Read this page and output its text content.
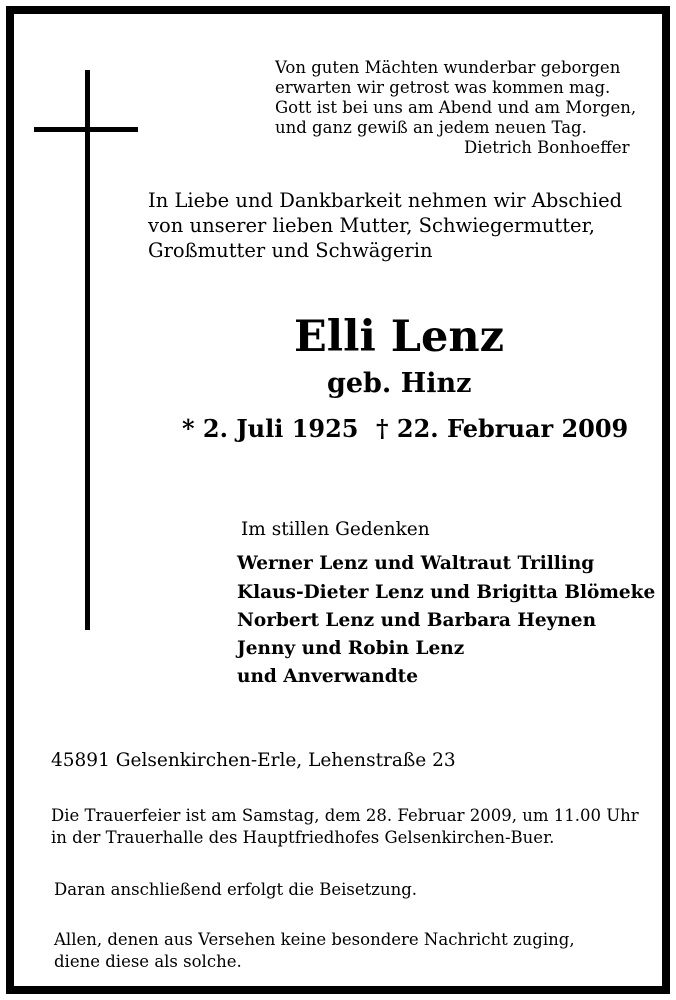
Von guten Mächten wunderbar geborgen
erwarten wir getrost was kommen mag.
Gott ist bei uns am Abend und am Morgen,
und ganz gewiß an jedem neuen Tag.
Dietrich Bonhoeffer
In Liebe und Dankbarkeit nehmen wir Abschied
von unserer lieben Mutter, Schwiegermutter,
Großmutter und Schwägerin
Elli Lenz
geb. Hinz
* 2. Juli 1925 † 22. Februar 2009
Im stillen Gedenken
Werner Lenz und Waltraut Trilling
Klaus-Dieter Lenz und Brigitta Blömeke
Norbert Lenz und Barbara Heynen
Jenny und Robin Lenz
und Anverwandte
45891 Gelsenkirchen-Erle, Lehenstraße 23
Die Trauerfeier ist am Samstag, dem 28. Februar 2009, um 11.00 Uhr
in der Trauerhalle des Hauptfriedhofes Gelsenkirchen-Buer.
Daran anschließend erfolgt die Beisetzung.
Allen, denen aus Versehen keine besondere Nachricht zuging,
diene diese als solche.
